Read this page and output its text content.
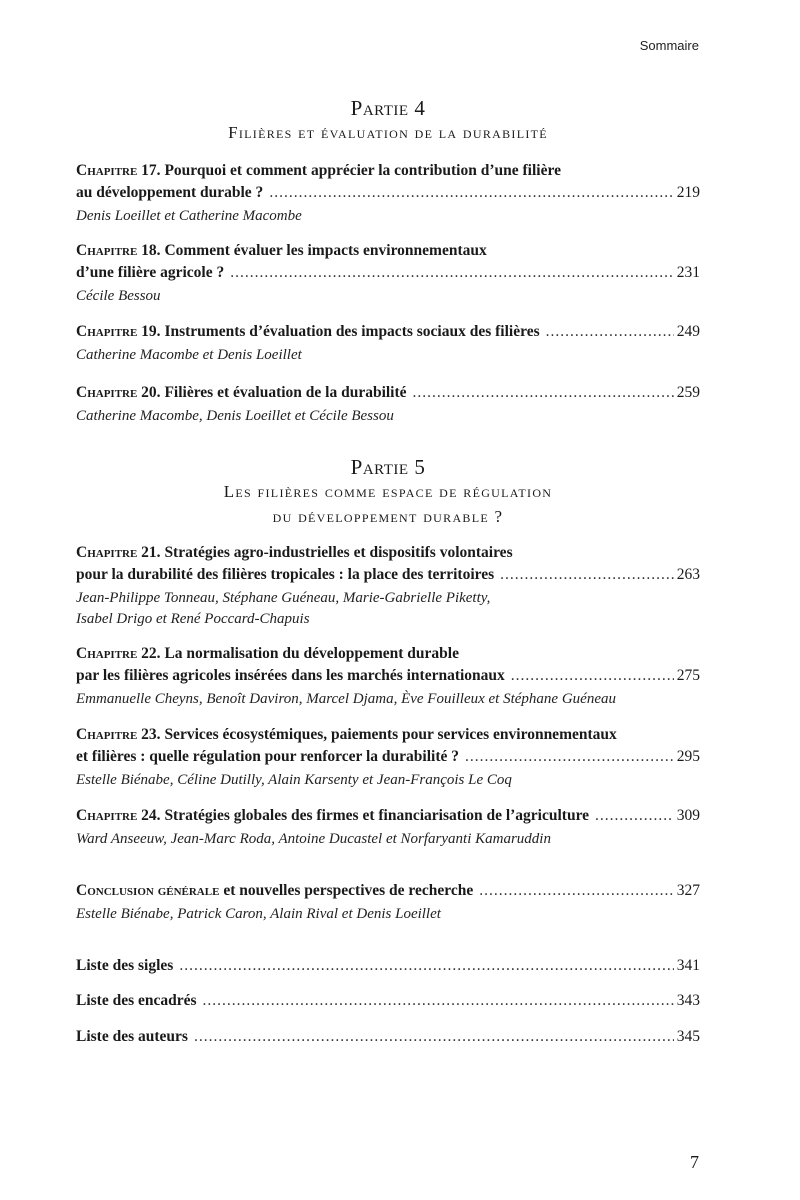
Sommaire
Partie 4
Filières et évaluation de la durabilité
Chapitre 17. Pourquoi et comment apprécier la contribution d’une filière
au développement durable ? .....	219
Denis Loeillet et Catherine Macombe
Chapitre 18. Comment évaluer les impacts environnementaux
d’une filière agricole ? .....	231
Cécile Bessou
Chapitre 19. Instruments d’évaluation des impacts sociaux des filières .....	249
Catherine Macombe et Denis Loeillet
Chapitre 20. Filières et évaluation de la durabilité .....	259
Catherine Macombe, Denis Loeillet et Cécile Bessou
Partie 5
Les filières comme espace de régulation
du développement durable ?
Chapitre 21. Stratégies agro-industrielles et dispositifs volontaires
pour la durabilité des filières tropicales : la place des territoires .....	263
Jean-Philippe Tonneau, Stéphane Guéneau, Marie-Gabrielle Piketty,
Isabel Drigo et René Poccard-Chapuis
Chapitre 22. La normalisation du développement durable
par les filières agricoles insérées dans les marchés internationaux .....	275
Emmanuelle Cheyns, Benoît Daviron, Marcel Djama, Ève Fouilleux et Stéphane Guéneau
Chapitre 23. Services écosystémiques, paiements pour services environnementaux
et filières : quelle régulation pour renforcer la durabilité ? .....	295
Estelle Biénabe, Céline Dutilly, Alain Karsenty et Jean-François Le Coq
Chapitre 24. Stratégies globales des firmes et financiarisation de l’agriculture .....	309
Ward Anseeuw, Jean-Marc Roda, Antoine Ducastel et Norfaryanti Kamaruddin
Conclusion générale et nouvelles perspectives de recherche .....	327
Estelle Biénabe, Patrick Caron, Alain Rival et Denis Loeillet
Liste des sigles .....	341
Liste des encadrés .....	343
Liste des auteurs .....	345
7
